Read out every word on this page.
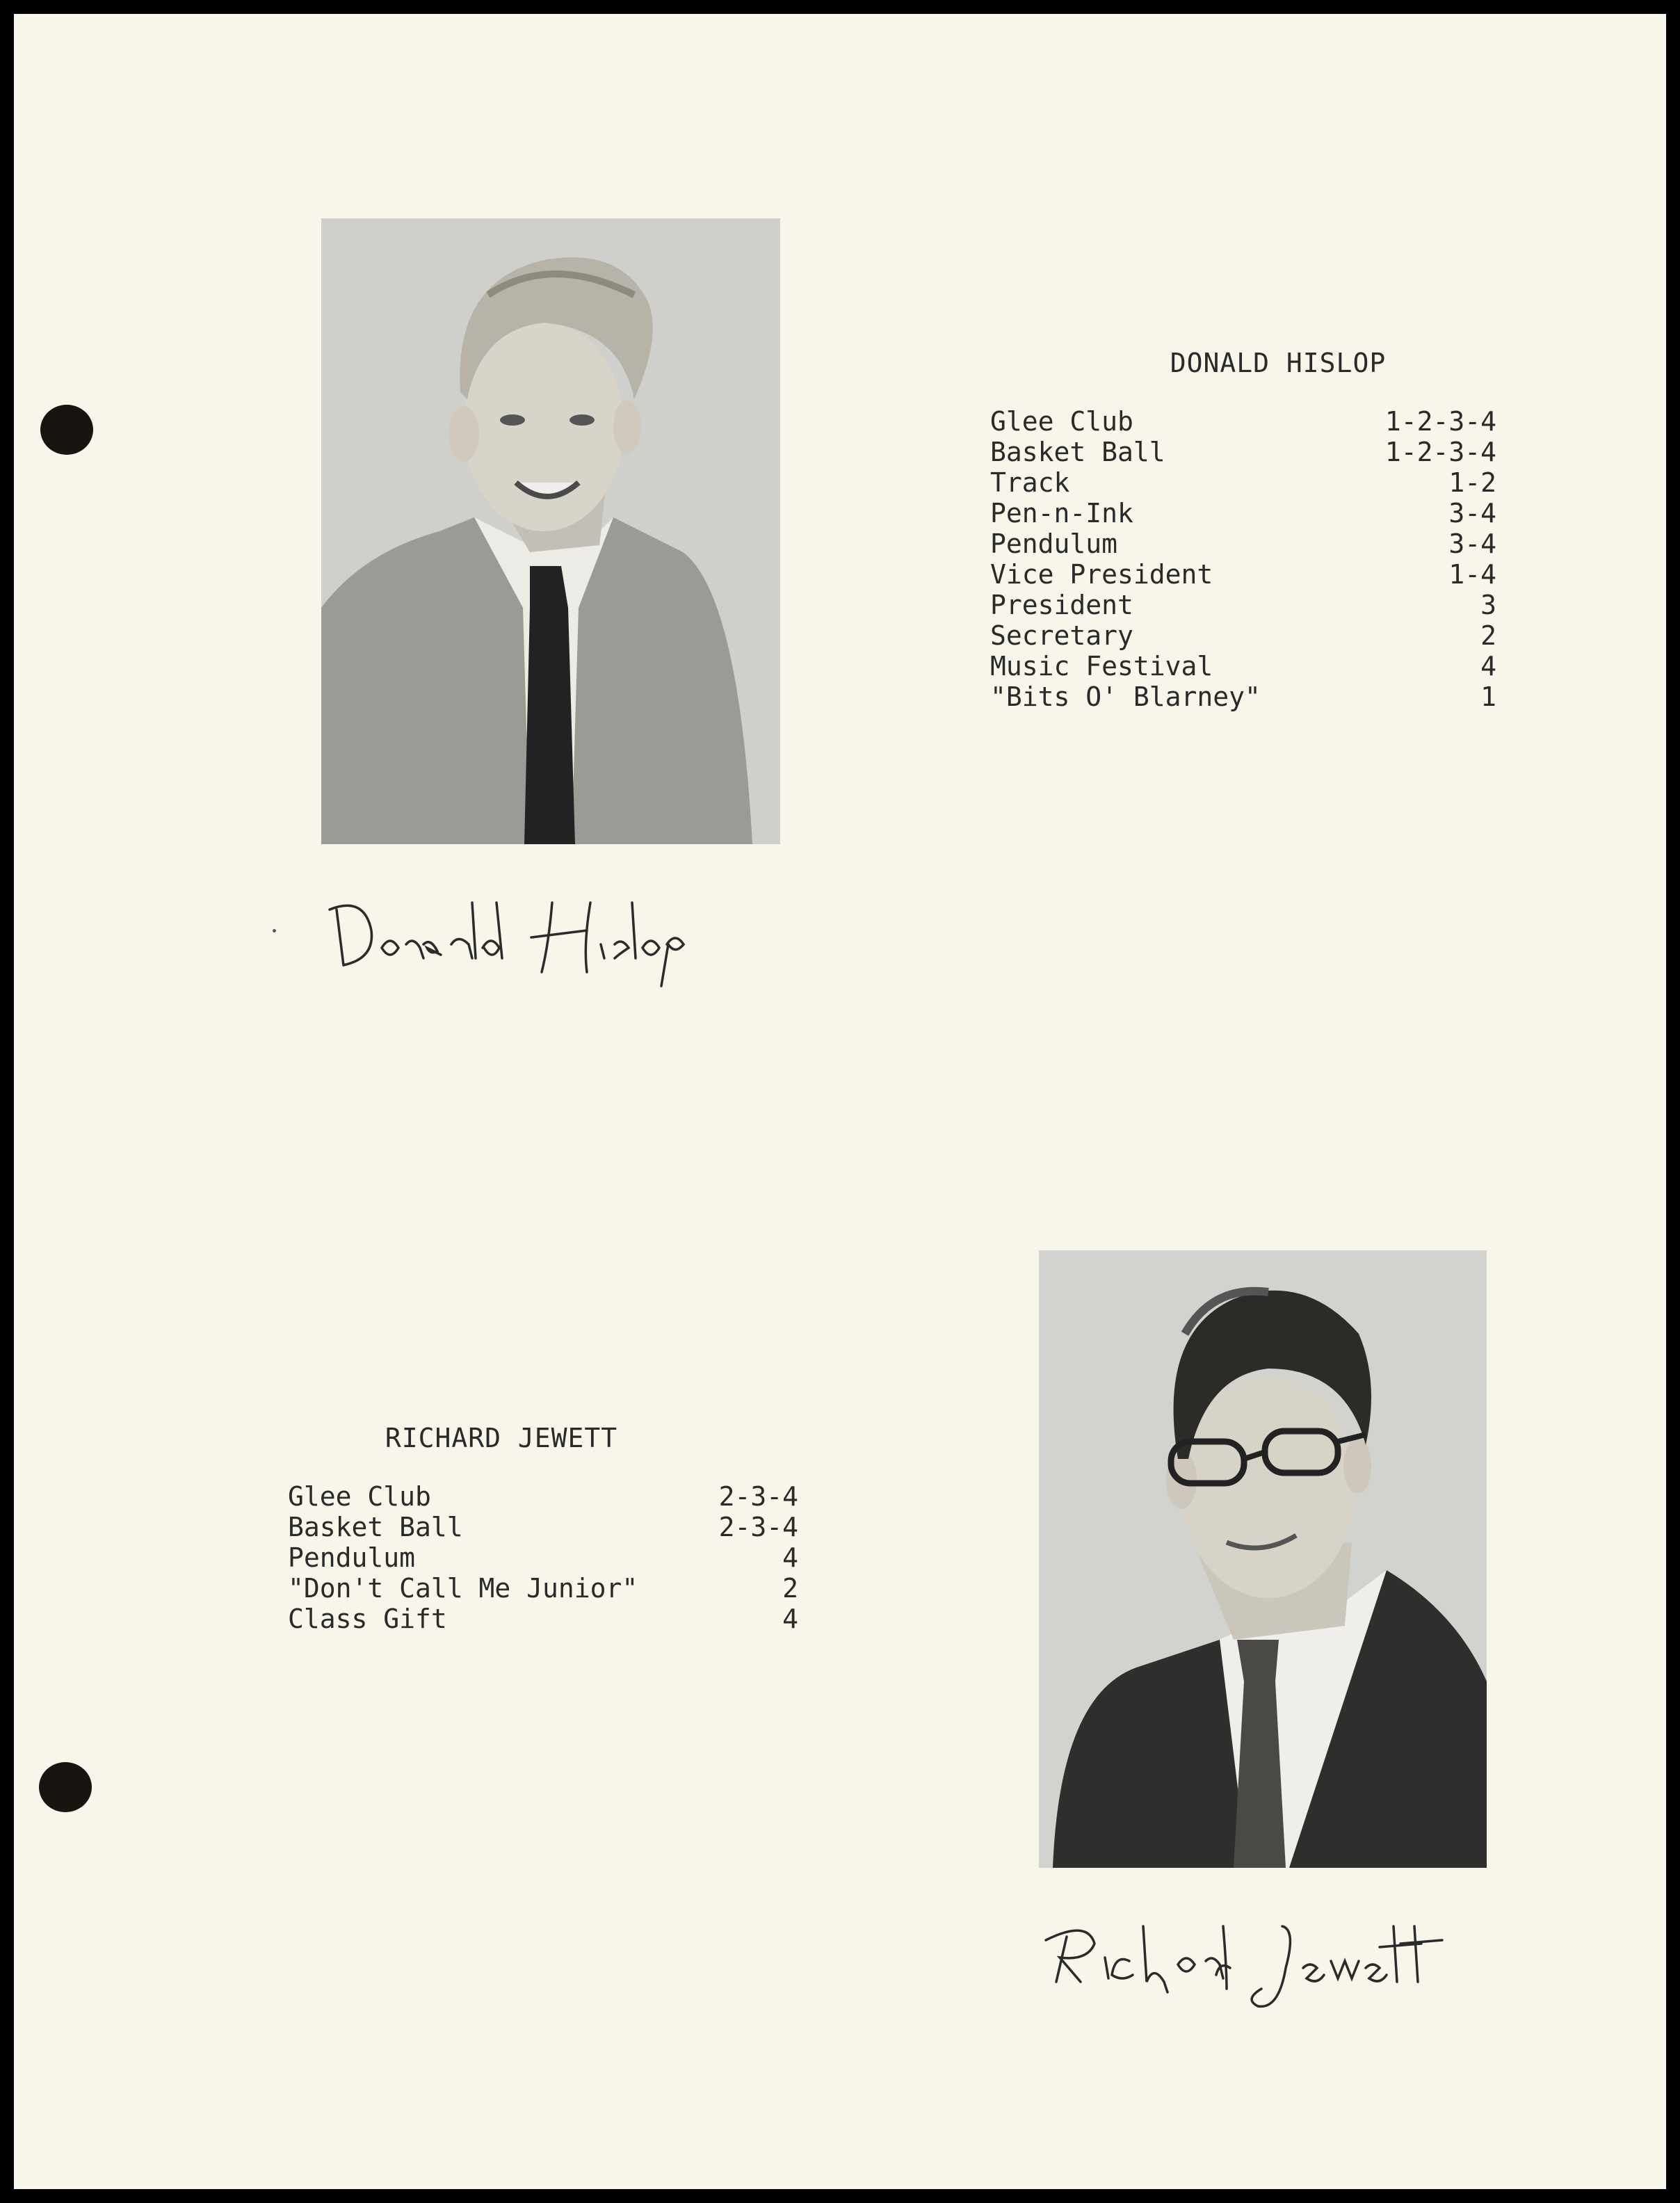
DONALD HISLOP
Glee Club	1-2-3-4
Basket Ball	1-2-3-4
Track	1-2
Pen-n-Ink	3-4
Pendulum	3-4
Vice President	1-4
President	3
Secretary	2
Music Festival	4
"Bits O' Blarney"	1
RICHARD JEWETT
Glee Club	2-3-4
Basket Ball	2-3-4
Pendulum	4
"Don't Call Me Junior"	2
Class Gift	4
